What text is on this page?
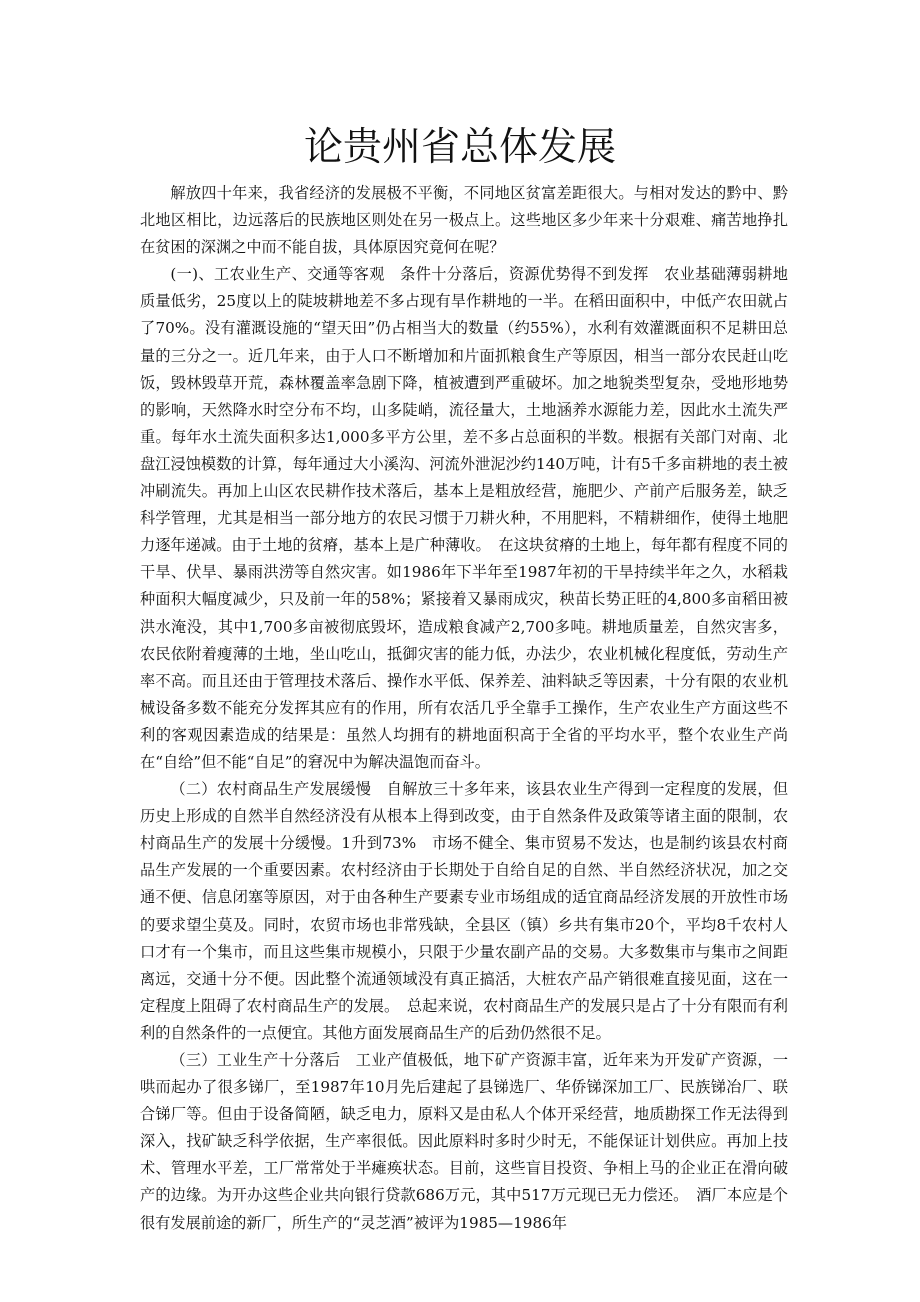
论贵州省总体发展

解放四十年来，我省经济的发展极不平衡，不同地区贫富差距很大。与相对发达的黔中、黔北地区相比，边远落后的民族地区则处在另一极点上。这些地区多少年来十分艰难、痛苦地挣扎在贫困的深渊之中而不能自拔，具体原因究竟何在呢？

(一)、工农业生产、交通等客观　条件十分落后，资源优势得不到发挥　农业基础薄弱耕地质量低劣，25度以上的陡坡耕地差不多占现有旱作耕地的一半。在稻田面积中，中低产农田就占了70%。没有灌溉设施的“望天田”仍占相当大的数量（约55%），水利有效灌溉面积不足耕田总量的三分之一。近几年来，由于人口不断增加和片面抓粮食生产等原因，相当一部分农民赶山吃饭，毁林毁草开荒，森林覆盖率急剧下降，植被遭到严重破坏。加之地貌类型复杂，受地形地势的影响，天然降水时空分布不均，山多陡峭，流径量大，土地涵养水源能力差，因此水土流失严重。每年水土流失面积多达1,000多平方公里，差不多占总面积的半数。根据有关部门对南、北盘江浸蚀模数的计算，每年通过大小溪沟、河流外泄泥沙约140万吨，计有5千多亩耕地的表土被冲刷流失。再加上山区农民耕作技术落后，基本上是粗放经营，施肥少、产前产后服务差，缺乏科学管理，尤其是相当一部分地方的农民习惯于刀耕火种，不用肥料，不精耕细作，使得土地肥力逐年递减。由于土地的贫瘠，基本上是广种薄收。　在这块贫瘠的土地上，每年都有程度不同的干旱、伏旱、暴雨洪涝等自然灾害。如1986年下半年至1987年初的干旱持续半年之久，水稻栽种面积大幅度减少，只及前一年的58%；紧接着又暴雨成灾，秧苗长势正旺的4,800多亩稻田被洪水淹没，其中1,700多亩被彻底毁坏，造成粮食减产2,700多吨。耕地质量差，自然灾害多，农民依附着瘦薄的土地，坐山吃山，抵御灾害的能力低，办法少，农业机械化程度低，劳动生产率不高。而且还由于管理技术落后、操作水平低、保养差、油料缺乏等因素，十分有限的农业机械设备多数不能充分发挥其应有的作用，所有农活几乎全靠手工操作，生产农业生产方面这些不利的客观因素造成的结果是：虽然人均拥有的耕地面积高于全省的平均水平，整个农业生产尚在“自给”但不能“自足”的窘况中为解决温饱而奋斗。

（二）农村商品生产发展缓慢　自解放三十多年来，该县农业生产得到一定程度的发展，但历史上形成的自然半自然经济没有从根本上得到改变，由于自然条件及政策等诸主面的限制，农村商品生产的发展十分缓慢。1升到73%　市场不健全、集市贸易不发达，也是制约该县农村商品生产发展的一个重要因素。农村经济由于长期处于自给自足的自然、半自然经济状况，加之交通不便、信息闭塞等原因，对于由各种生产要素专业市场组成的适宜商品经济发展的开放性市场的要求望尘莫及。同时，农贸市场也非常残缺，全县区（镇）乡共有集市20个，平均8千农村人口才有一个集市，而且这些集市规模小，只限于少量农副产品的交易。大多数集市与集市之间距离远，交通十分不便。因此整个流通领域没有真正搞活，大桩农产品产销很难直接见面，这在一定程度上阻碍了农村商品生产的发展。　总起来说，农村商品生产的发展只是占了十分有限而有利利的自然条件的一点便宜。其他方面发展商品生产的后劲仍然很不足。

（三）工业生产十分落后　工业产值极低，地下矿产资源丰富，近年来为开发矿产资源，一哄而起办了很多锑厂，至1987年10月先后建起了县锑选厂、华侨锑深加工厂、民族锑冶厂、联合锑厂等。但由于设备简陋，缺乏电力，原料又是由私人个体开采经营，地质勘探工作无法得到深入，找矿缺乏科学依据，生产率很低。因此原料时多时少时无，不能保证计划供应。再加上技术、管理水平差，工厂常常处于半瘫痪状态。目前，这些盲目投资、争相上马的企业正在滑向破产的边缘。为开办这些企业共向银行贷款686万元，其中517万元现已无力偿还。　酒厂本应是个很有发展前途的新厂，所生产的“灵芝酒”被评为1985—1986年
